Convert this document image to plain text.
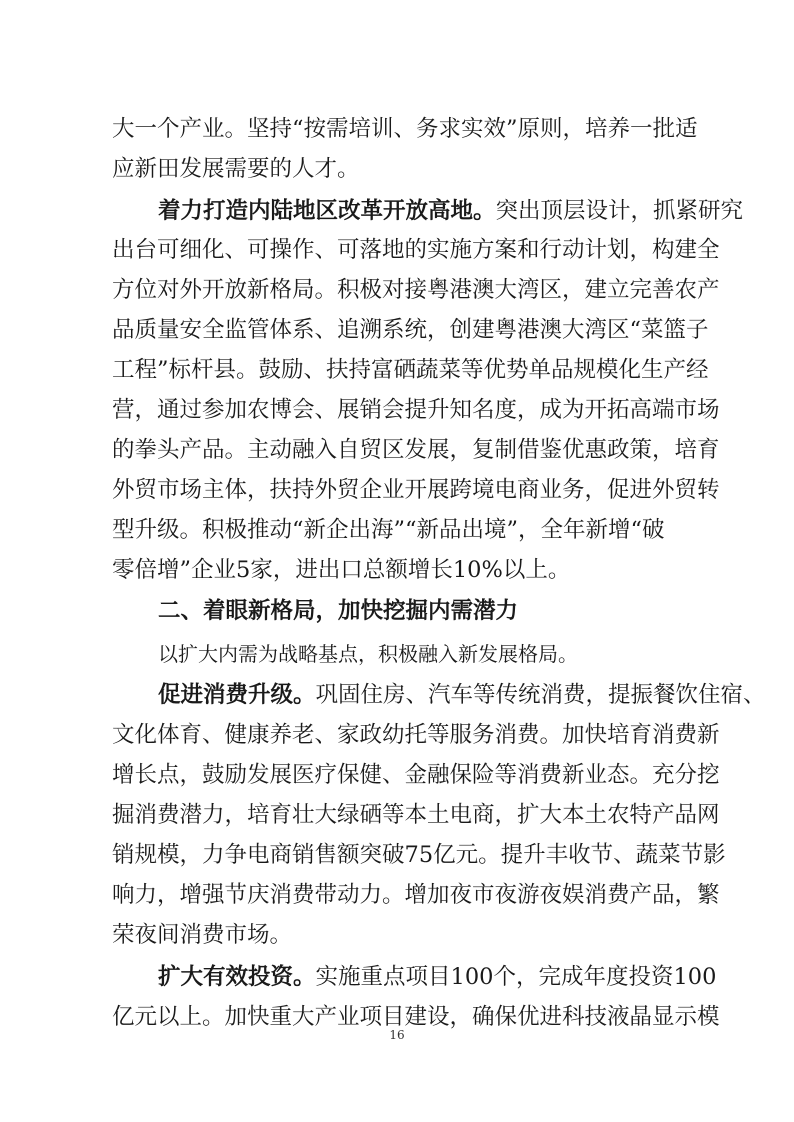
大一个产业。坚持“按需培训、务求实效”原则，培养一批适
应新田发展需要的人才。
着力打造内陆地区改革开放高地。突出顶层设计，抓紧研究
出台可细化、可操作、可落地的实施方案和行动计划，构建全
方位对外开放新格局。积极对接粤港澳大湾区，建立完善农产
品质量安全监管体系、追溯系统，创建粤港澳大湾区“菜篮子
工程”标杆县。鼓励、扶持富硒蔬菜等优势单品规模化生产经
营，通过参加农博会、展销会提升知名度，成为开拓高端市场
的拳头产品。主动融入自贸区发展，复制借鉴优惠政策，培育
外贸市场主体，扶持外贸企业开展跨境电商业务，促进外贸转
型升级。积极推动“新企出海”“新品出境”，全年新增“破
零倍增”企业5家，进出口总额增长10%以上。
二、着眼新格局，加快挖掘内需潜力
以扩大内需为战略基点，积极融入新发展格局。
促进消费升级。巩固住房、汽车等传统消费，提振餐饮住宿、
文化体育、健康养老、家政幼托等服务消费。加快培育消费新
增长点，鼓励发展医疗保健、金融保险等消费新业态。充分挖
掘消费潜力，培育壮大绿硒等本土电商，扩大本土农特产品网
销规模，力争电商销售额突破75亿元。提升丰收节、蔬菜节影
响力，增强节庆消费带动力。增加夜市夜游夜娱消费产品，繁
荣夜间消费市场。
扩大有效投资。实施重点项目100个，完成年度投资100
亿元以上。加快重大产业项目建设，确保优进科技液晶显示模
16
